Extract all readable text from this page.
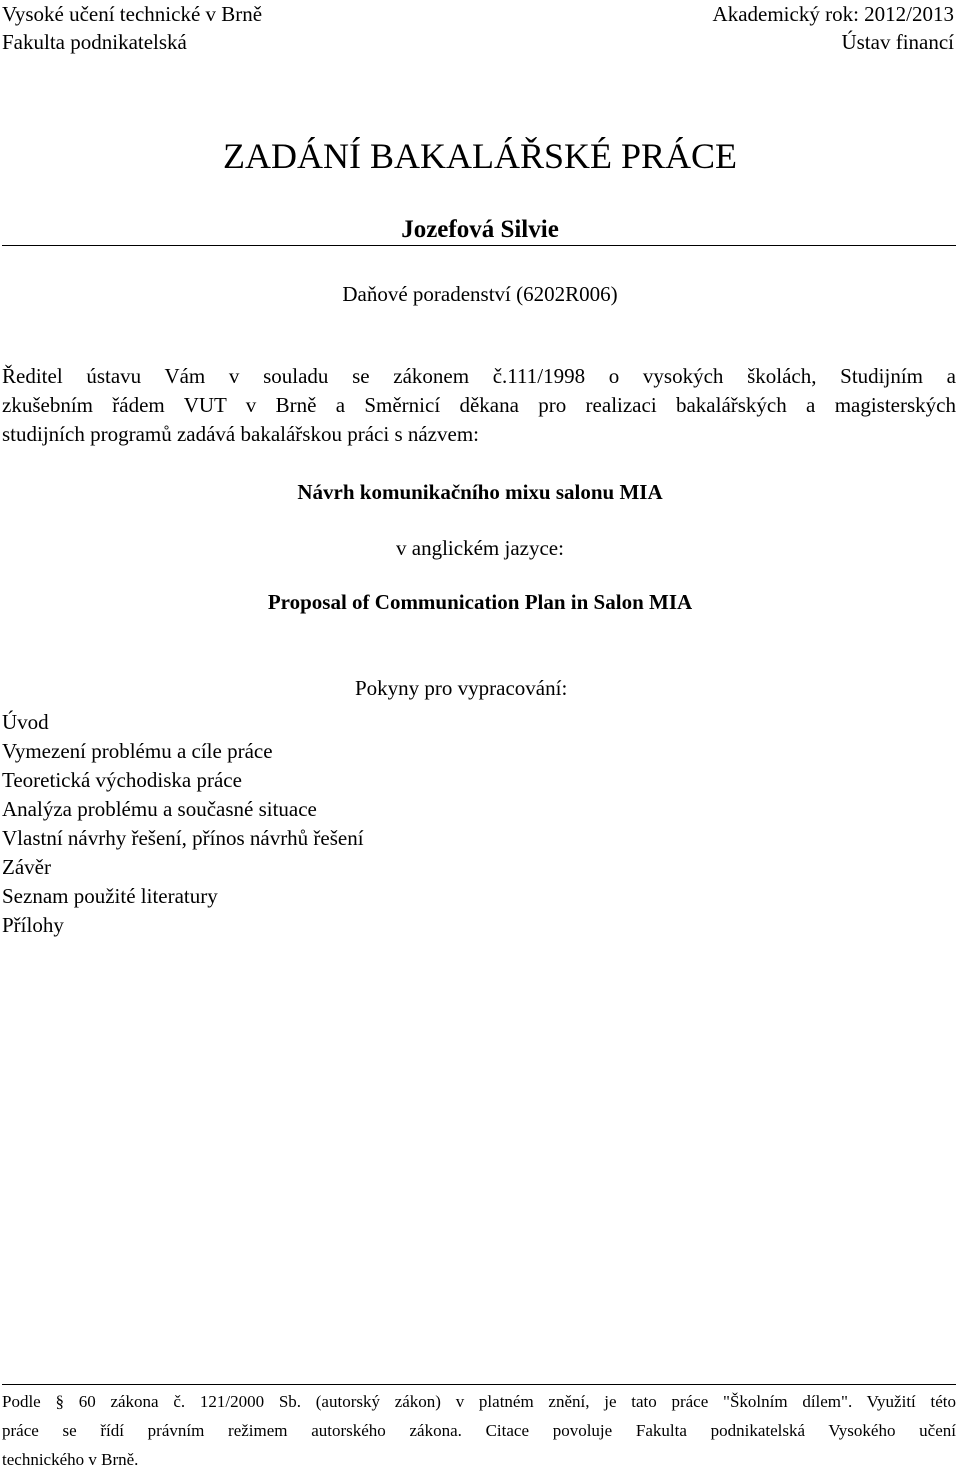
Vysoké učení technické v Brně
Fakulta podnikatelská
Akademický rok: 2012/2013
Ústav financí
ZADÁNÍ BAKALÁŘSKÉ PRÁCE
Jozefová Silvie
Daňové poradenství (6202R006)
Ředitel ústavu Vám v souladu se zákonem č.111/1998 o vysokých školách, Studijním a
zkušebním řádem VUT v Brně a Směrnicí děkana pro realizaci bakalářských a magisterských
studijních programů zadává bakalářskou práci s názvem:
Návrh komunikačního mixu salonu MIA
v anglickém jazyce:
Proposal of Communication Plan in Salon MIA
Pokyny pro vypracování:
Úvod
Vymezení problému a cíle práce
Teoretická východiska práce
Analýza problému a současné situace
Vlastní návrhy řešení, přínos návrhů řešení
Závěr
Seznam použité literatury
Přílohy
Podle § 60 zákona č. 121/2000 Sb. (autorský zákon) v platném znění, je tato práce "Školním dílem". Využití této
práce se řídí právním režimem autorského zákona. Citace povoluje Fakulta podnikatelská Vysokého učení
technického v Brně.
